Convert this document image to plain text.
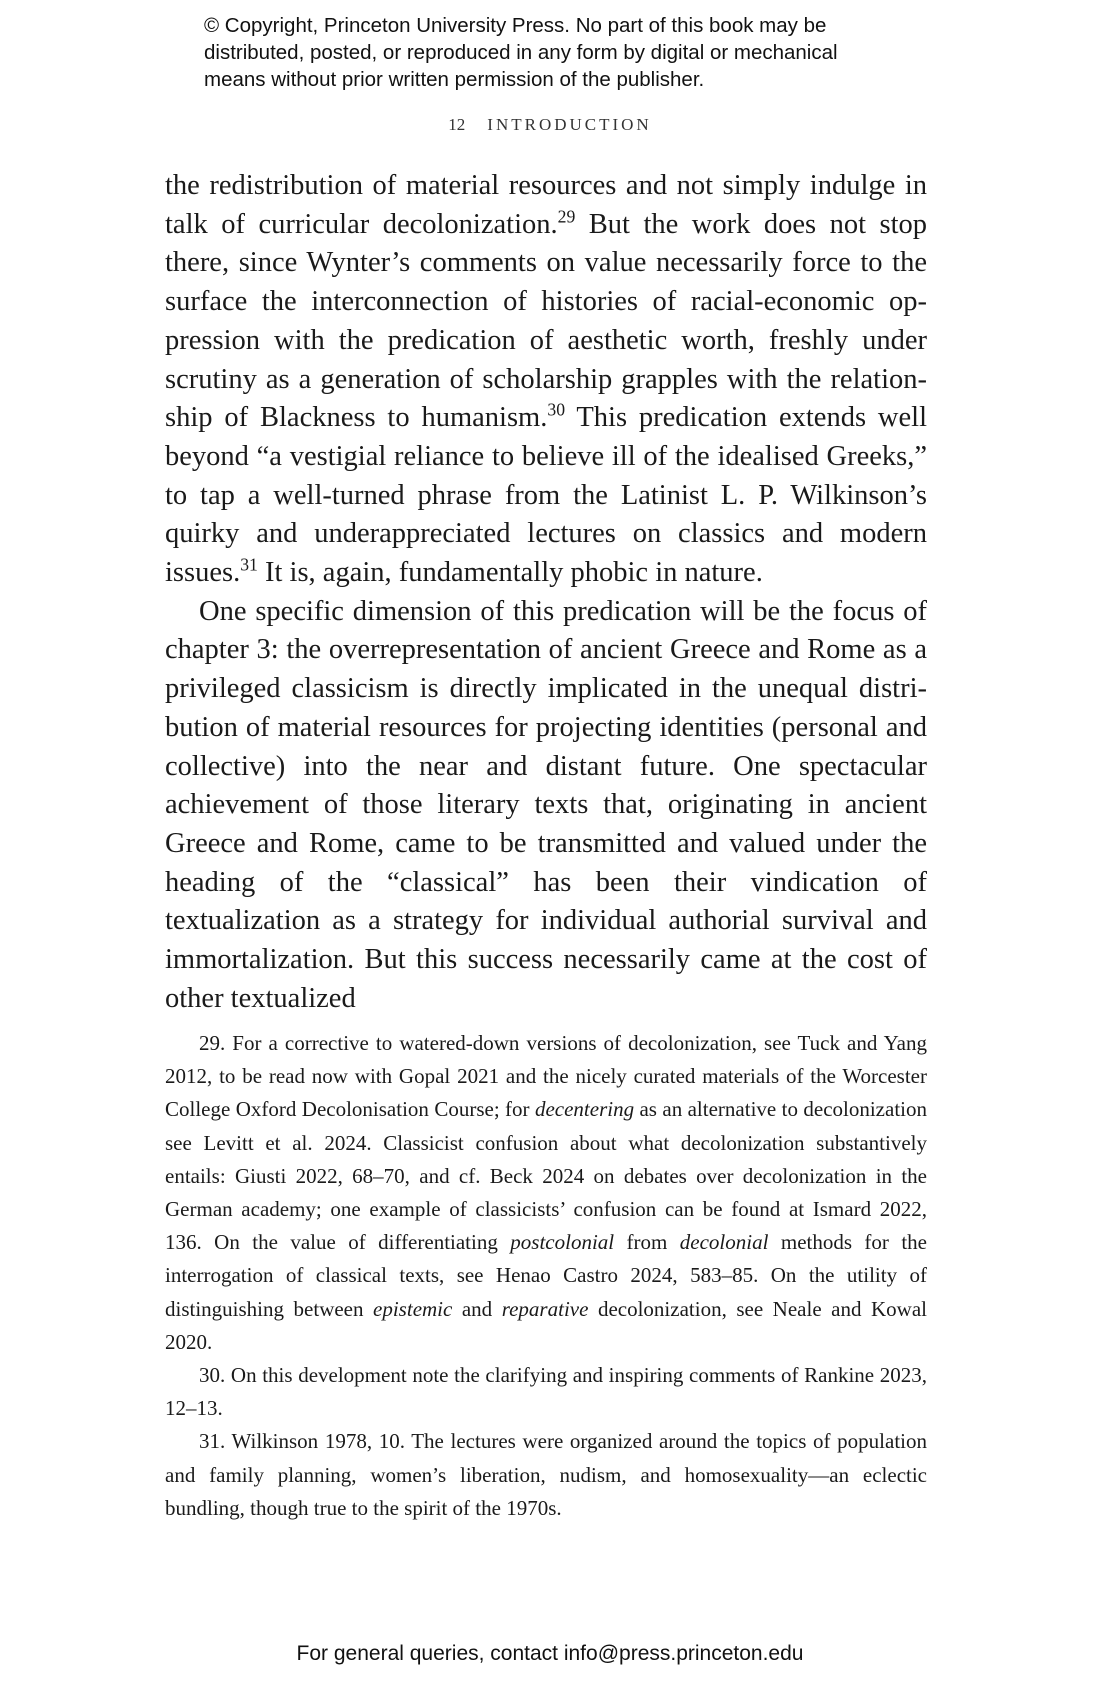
© Copyright, Princeton University Press. No part of this book may be
distributed, posted, or reproduced in any form by digital or mechanical
means without prior written permission of the publisher.
12 INTRODUCTION

the redistribution of material resources and not simply indulge in talk of curricular decolonization.$^{29}$ But the work does not stop there, since Wynter’s comments on value necessarily force to the surface the interconnection of histories of racial-economic oppression with the predication of aesthetic worth, freshly under scrutiny as a generation of scholarship grapples with the relationship of Blackness to humanism.$^{30}$ This predication extends well beyond “a vestigial reliance to believe ill of the idealised Greeks,” to tap a well-turned phrase from the Latinist L. P. Wilkinson’s quirky and underappreciated lectures on classics and modern issues.$^{31}$ It is, again, fundamentally phobic in nature.

One specific dimension of this predication will be the focus of chapter 3: the overrepresentation of ancient Greece and Rome as a privileged classicism is directly implicated in the unequal distribution of material resources for projecting identities (personal and collective) into the near and distant future. One spectacular achievement of those literary texts that, originating in ancient Greece and Rome, came to be transmitted and valued under the heading of the “classical” has been their vindication of textualization as a strategy for individual authorial survival and immortalization. But this success necessarily came at the cost of other textualized

29. For a corrective to watered-down versions of decolonization, see Tuck and Yang 2012, to be read now with Gopal 2021 and the nicely curated materials of the Worcester College Oxford Decolonisation Course; for decentering as an alternative to decolonization see Levitt et al. 2024. Classicist confusion about what decolonization substantively entails: Giusti 2022, 68–70, and cf. Beck 2024 on debates over decolonization in the German academy; one example of classicists’ confusion can be found at Ismard 2022, 136. On the value of differentiating postcolonial from decolonial methods for the interrogation of classical texts, see Henao Castro 2024, 583–85. On the utility of distinguishing between epistemic and reparative decolonization, see Neale and Kowal 2020.

30. On this development note the clarifying and inspiring comments of Rankine 2023, 12–13.

31. Wilkinson 1978, 10. The lectures were organized around the topics of population and family planning, women’s liberation, nudism, and homosexuality—an eclectic bundling, though true to the spirit of the 1970s.

For general queries, contact info@press.princeton.edu
